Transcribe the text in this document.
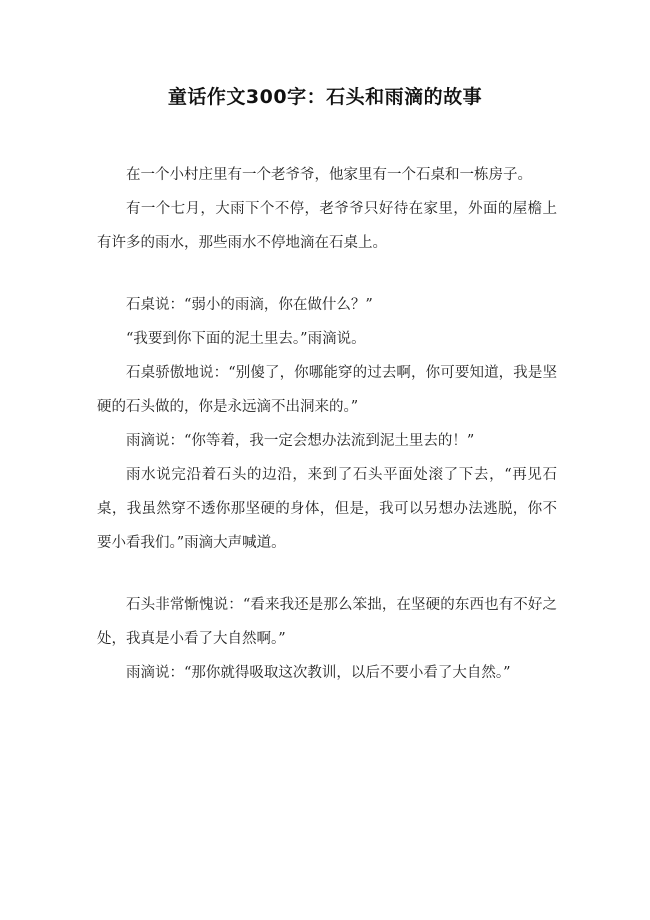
童话作文300字：石头和雨滴的故事

在一个小村庄里有一个老爷爷，他家里有一个石桌和一栋房子。

有一个七月，大雨下个不停，老爷爷只好待在家里，外面的屋檐上有许多的雨水，那些雨水不停地滴在石桌上。

石桌说：“弱小的雨滴，你在做什么？”

“我要到你下面的泥土里去。”雨滴说。

石桌骄傲地说：“别傻了，你哪能穿的过去啊，你可要知道，我是坚硬的石头做的，你是永远滴不出洞来的。”

雨滴说：“你等着，我一定会想办法流到泥土里去的！”

雨水说完沿着石头的边沿，来到了石头平面处滚了下去，“再见石桌，我虽然穿不透你那坚硬的身体，但是，我可以另想办法逃脱，你不要小看我们。”雨滴大声喊道。

石头非常惭愧说：“看来我还是那么笨拙，在坚硬的东西也有不好之处，我真是小看了大自然啊。”

雨滴说：“那你就得吸取这次教训，以后不要小看了大自然。”
